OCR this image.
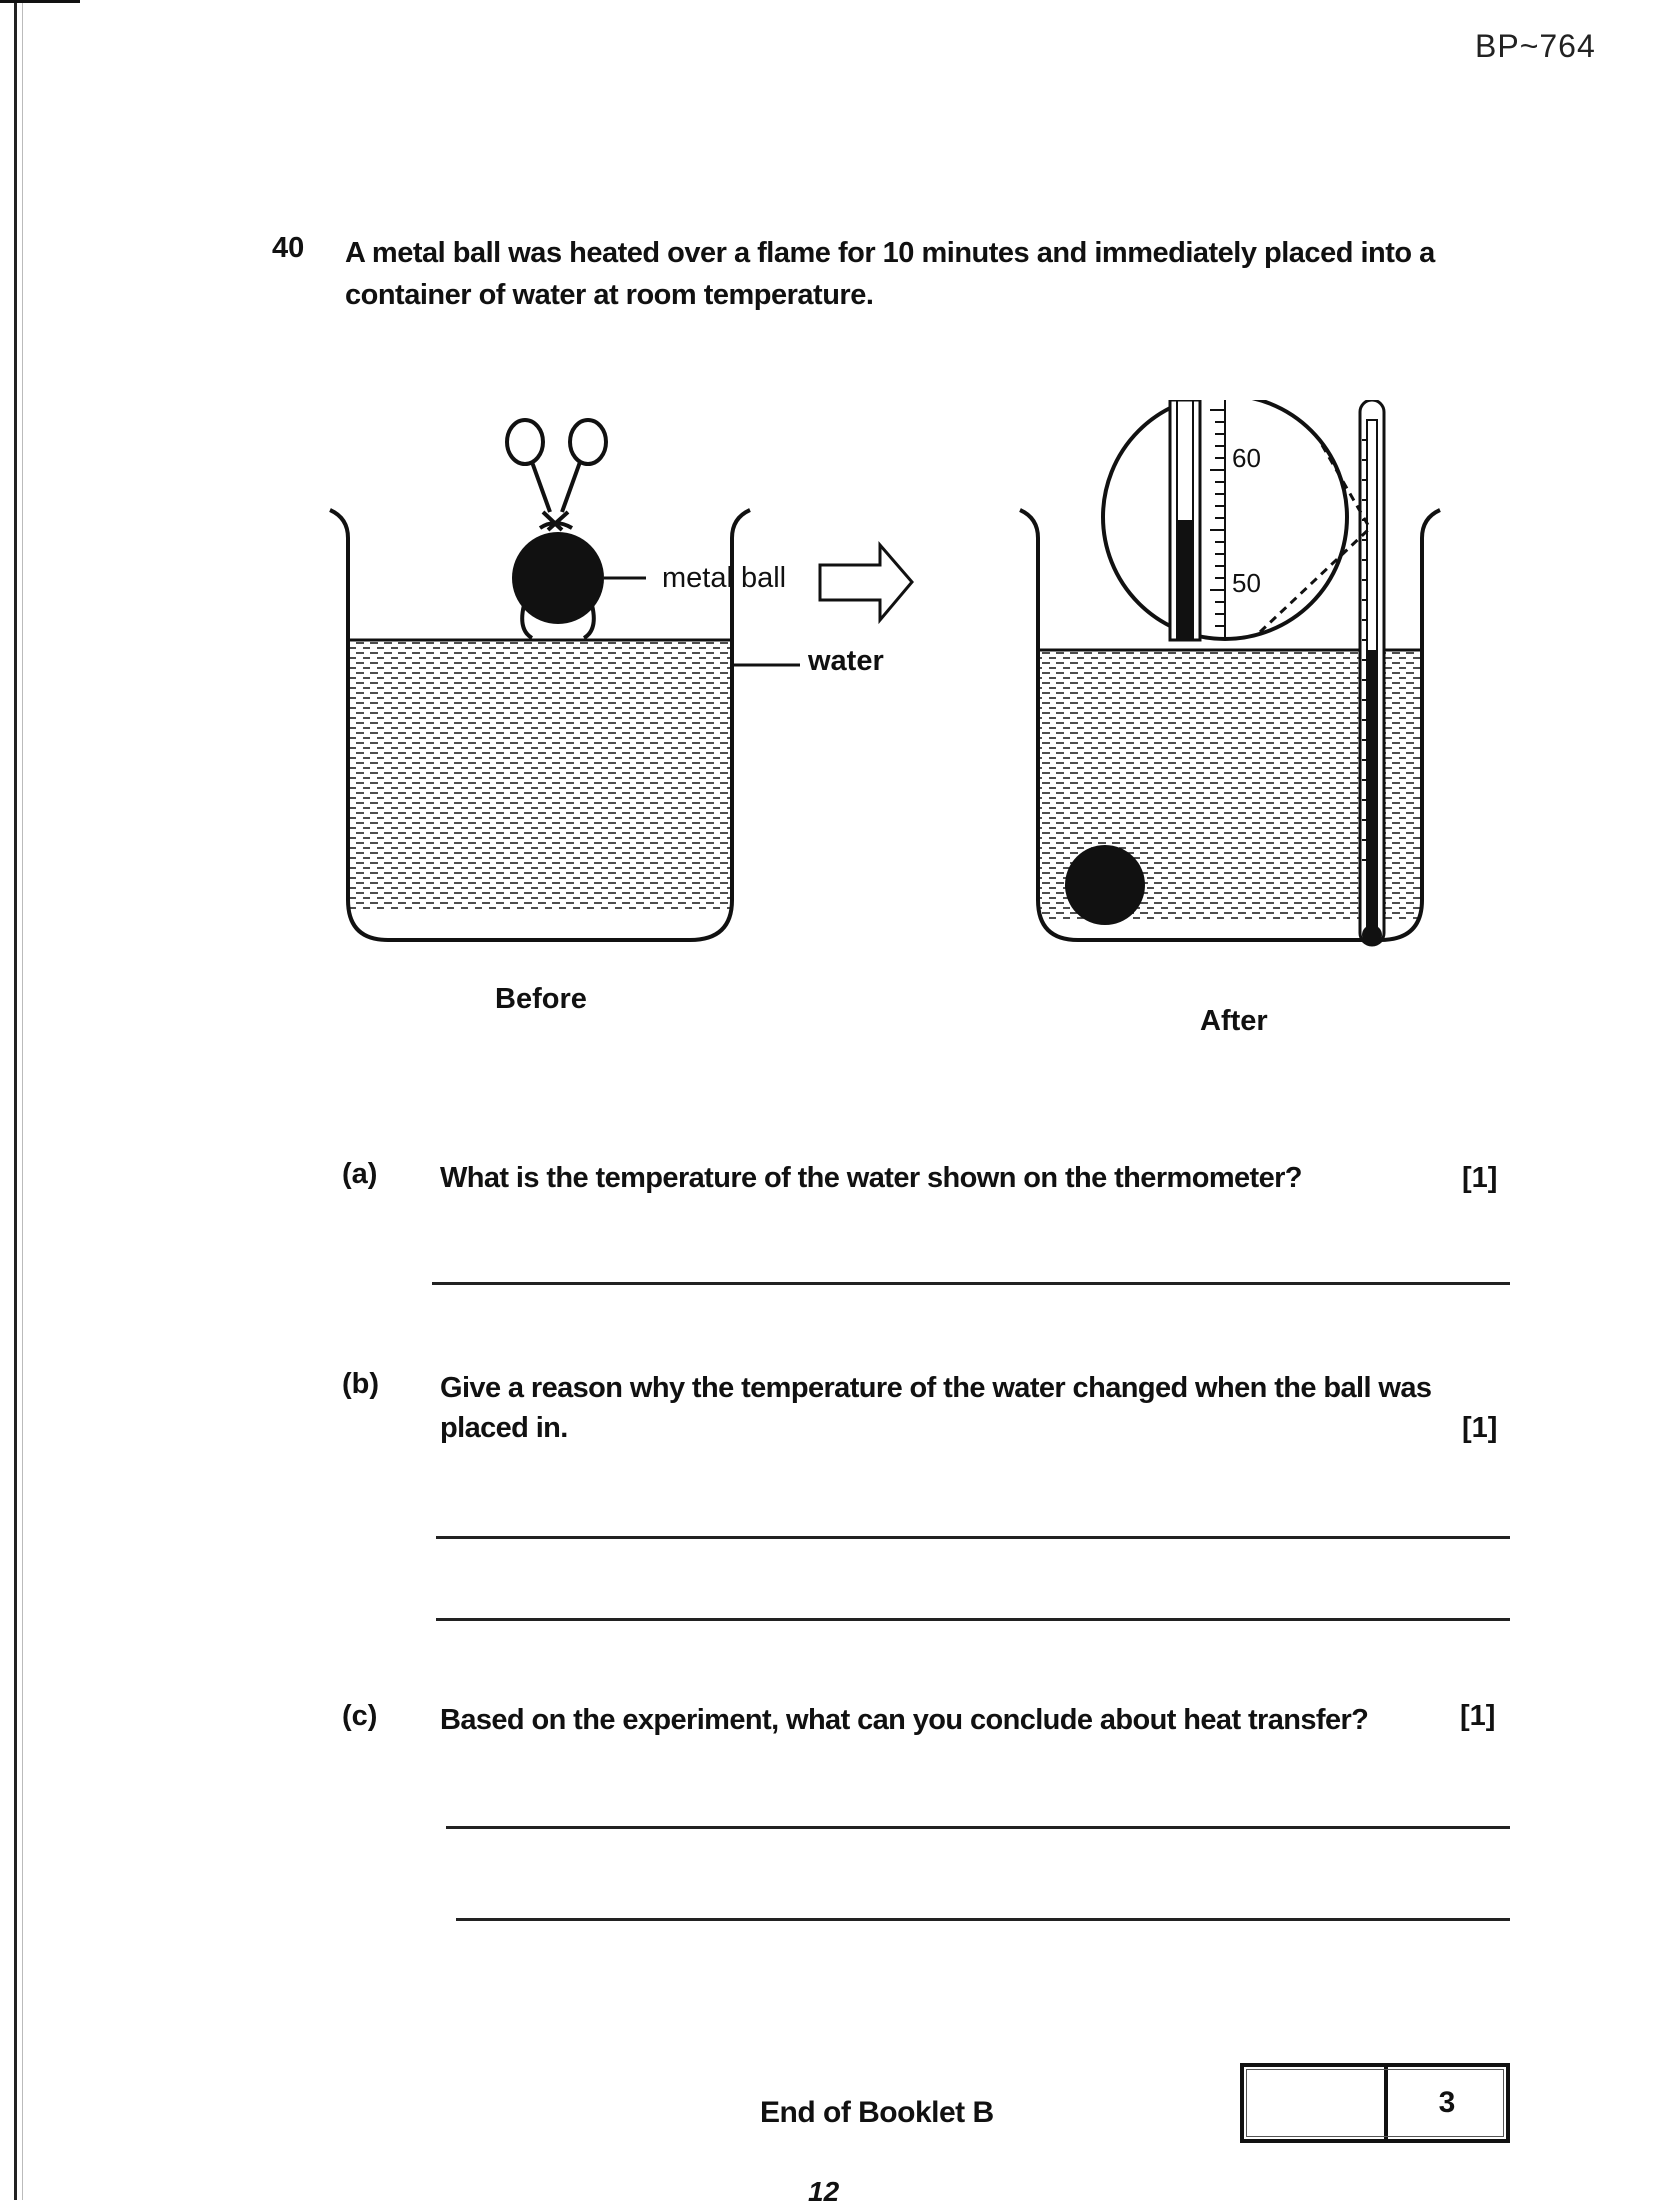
BP~764
40 A metal ball was heated over a flame for 10 minutes and immediately placed into a container of water at room temperature.
metal ball
water
Before
60
50
After
(a) What is the temperature of the water shown on the thermometer?	[1]
(b) Give a reason why the temperature of the water changed when the ball was placed in.	[1]
(c) Based on the experiment, what can you conclude about heat transfer?	[1]
End of Booklet B	3
12
